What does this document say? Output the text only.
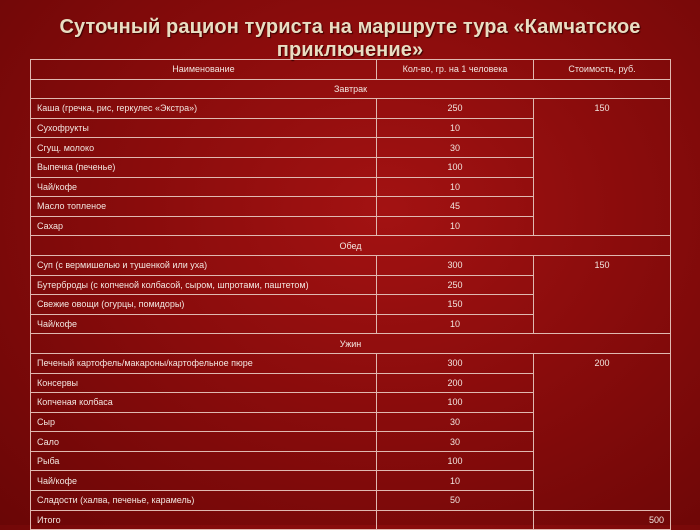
Суточный рацион туриста на маршруте тура «Камчатское приключение»
Наименование	Кол-во, гр. на 1 человека	Стоимость, руб.
Завтрак		
Каша (гречка, рис, геркулес «Экстра»)	250	150
Сухофрукты	10	
Сгущ. молоко	30	
Выпечка (печенье)	100	
Чай/кофе	10	
Масло топленое	45	
Сахар	10	
Обед		
Суп (с вермишелью и тушенкой или уха)	300	150
Бутерброды (с копченой колбасой, сыром, шпротами, паштетом)	250	
Свежие овощи (огурцы, помидоры)	150	
Чай/кофе	10	
Ужин		
Печеный картофель/макароны/картофельное пюре	300	200
Консервы	200	
Копченая колбаса	100	
Сыр	30	
Сало	30	
Рыба	100	
Чай/кофе	10	
Сладости (халва, печенье, карамель)	50	
Итого		500
